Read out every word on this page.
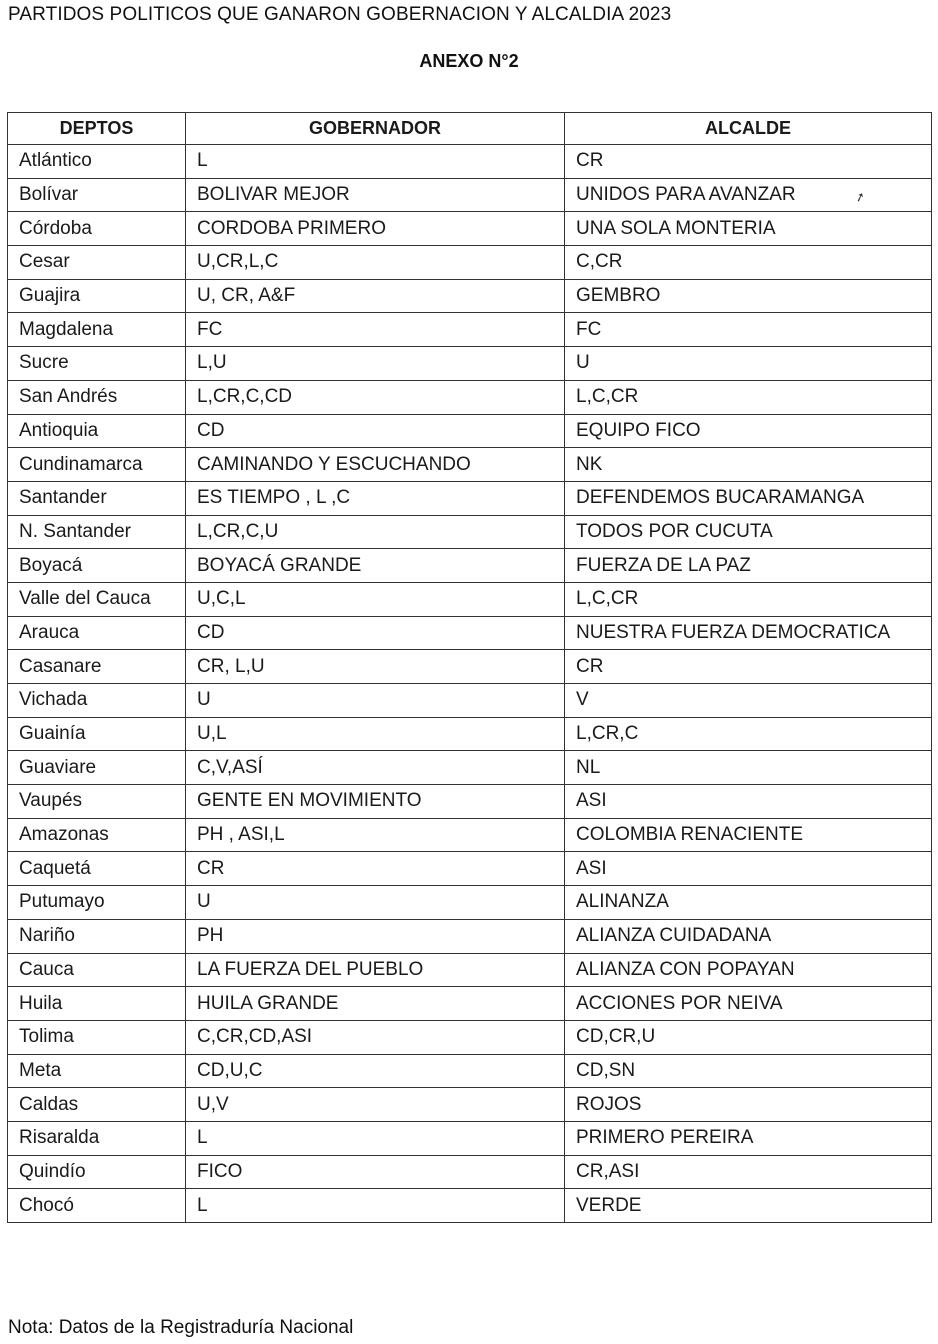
PARTIDOS POLITICOS QUE GANARON GOBERNACION Y ALCALDIA 2023
ANEXO N°2
DEPTOS	GOBERNADOR	ALCALDE
Atlántico	L	CR
Bolívar	BOLIVAR MEJOR	UNIDOS PARA AVANZAR
Córdoba	CORDOBA PRIMERO	UNA SOLA MONTERIA
Cesar	U,CR,L,C	C,CR
Guajira	U, CR, A&F	GEMBRO
Magdalena	FC	FC
Sucre	L,U	U
San Andrés	L,CR,C,CD	L,C,CR
Antioquia	CD	EQUIPO FICO
Cundinamarca	CAMINANDO Y ESCUCHANDO	NK
Santander	ES TIEMPO , L ,C	DEFENDEMOS BUCARAMANGA
N. Santander	L,CR,C,U	TODOS POR CUCUTA
Boyacá	BOYACÁ GRANDE	FUERZA DE LA PAZ
Valle del Cauca	U,C,L	L,C,CR
Arauca	CD	NUESTRA FUERZA DEMOCRATICA
Casanare	CR, L,U	CR
Vichada	U	V
Guainía	U,L	L,CR,C
Guaviare	C,V,ASÍ	NL
Vaupés	GENTE EN MOVIMIENTO	ASI
Amazonas	PH , ASI,L	COLOMBIA RENACIENTE
Caquetá	CR	ASI
Putumayo	U	ALINANZA
Nariño	PH	ALIANZA CUIDADANA
Cauca	LA FUERZA DEL PUEBLO	ALIANZA CON POPAYAN
Huila	HUILA GRANDE	ACCIONES POR NEIVA
Tolima	C,CR,CD,ASI	CD,CR,U
Meta	CD,U,C	CD,SN
Caldas	U,V	ROJOS
Risaralda	L	PRIMERO PEREIRA
Quindío	FICO	CR,ASI
Chocó	L	VERDE
➚
Nota: Datos de la Registraduría Nacional
